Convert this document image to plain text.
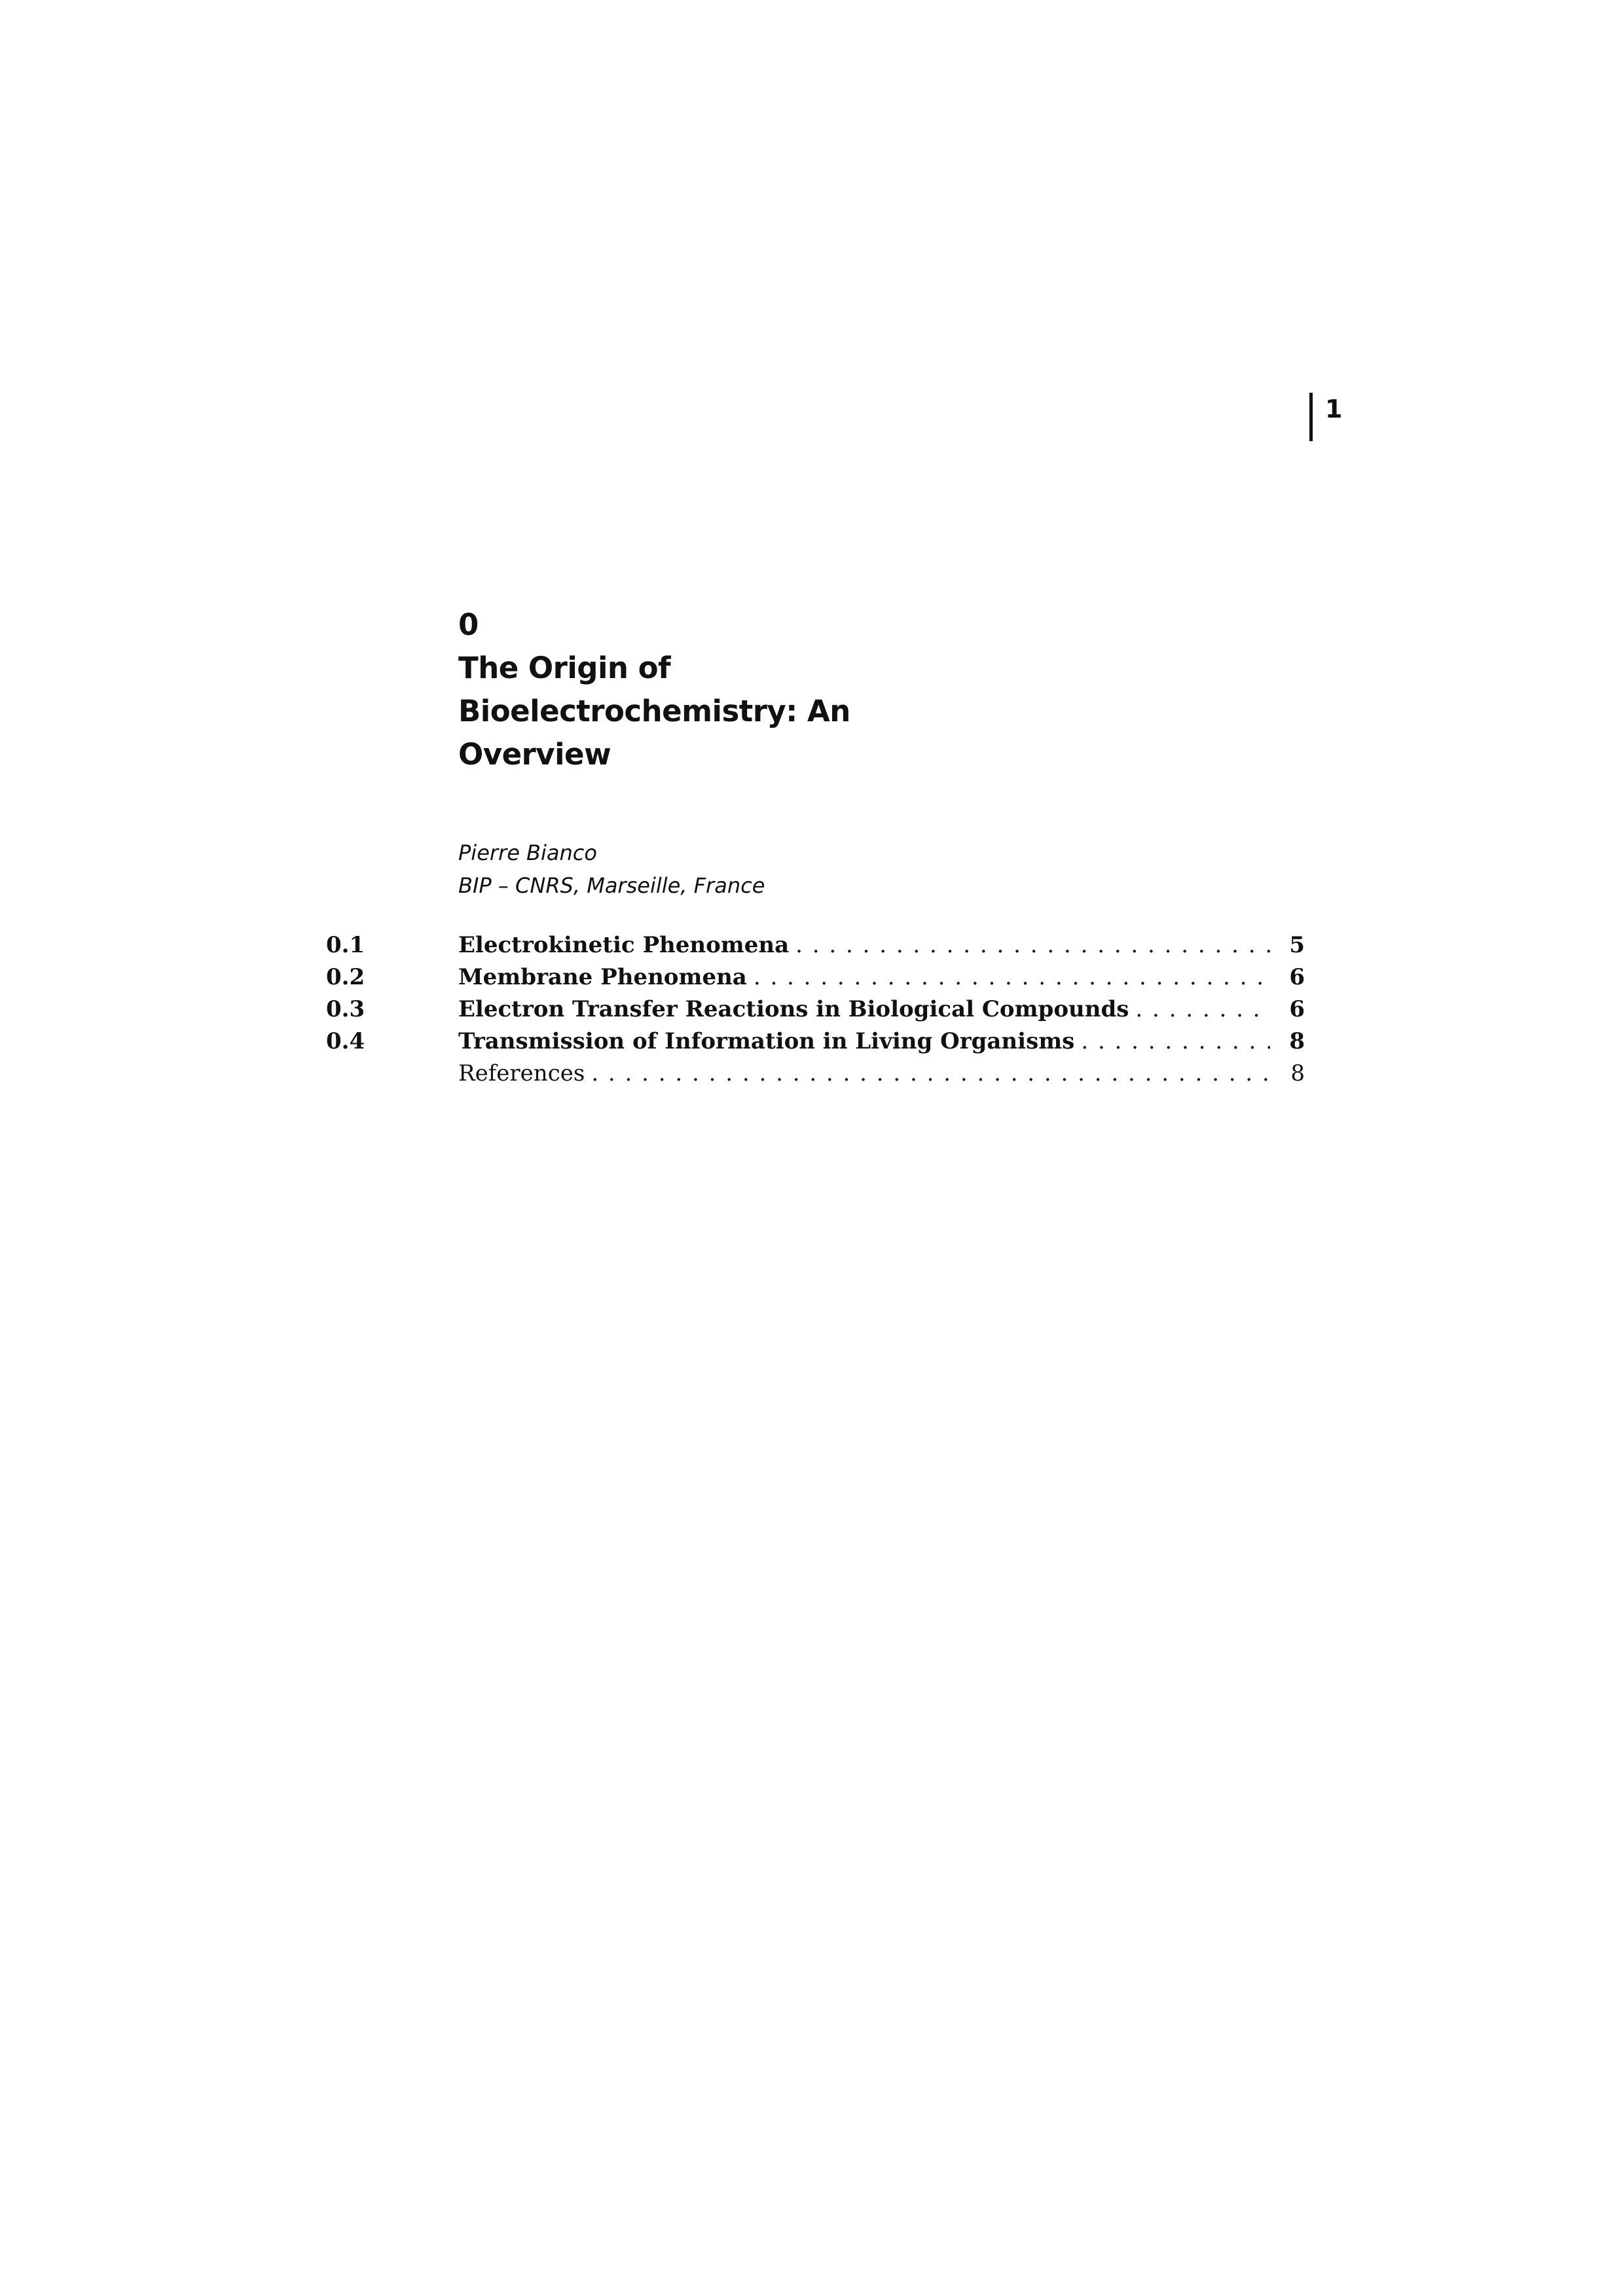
1
0
The Origin of
Bioelectrochemistry: An
Overview
Pierre Bianco
BIP – CNRS, Marseille, France
0.1	Electrokinetic Phenomena . . .	5
0.2	Membrane Phenomena . . .	6
0.3	Electron Transfer Reactions in Biological Compounds . . .	6
0.4	Transmission of Information in Living Organisms . . .	8
References . . .	8
